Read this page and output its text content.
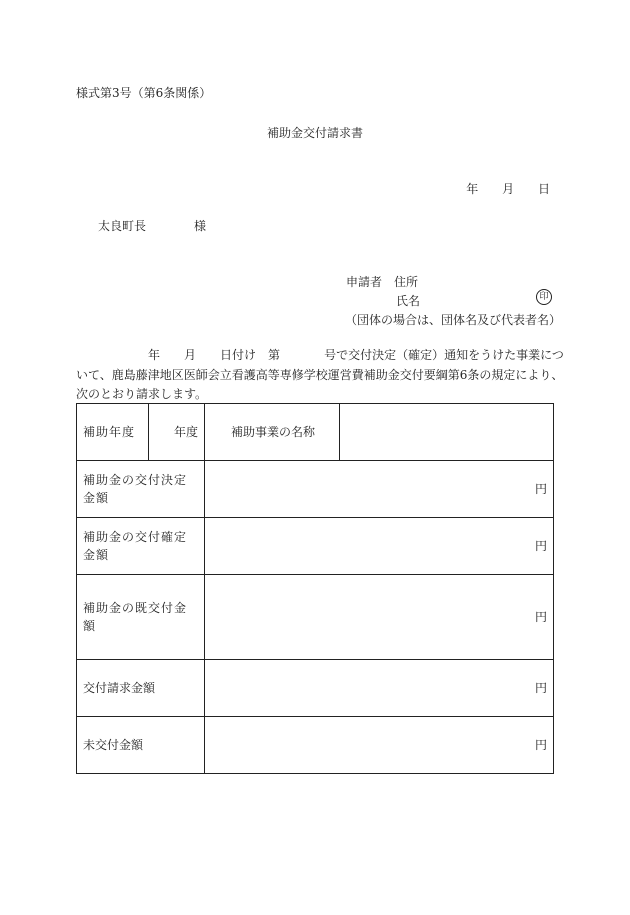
様式第3号（第6条関係）
補助金交付請求書
年 月 日
太良町長	様
申請者 住所
氏名	印
（団体の場合は、団体名及び代表者名）
年 月 日付け 第	号で交付決定（確定）通知をうけた事業につ
いて、鹿島藤津地区医師会立看護高等専修学校運営費補助金交付要綱第6条の規定により、
次のとおり請求します。
補助年度	年度	補助事業の名称	
補助金の交付決定金額		円	
補助金の交付確定金額		円	
補助金の既交付金額		円	
交付請求金額		円	
未交付金額		円	
